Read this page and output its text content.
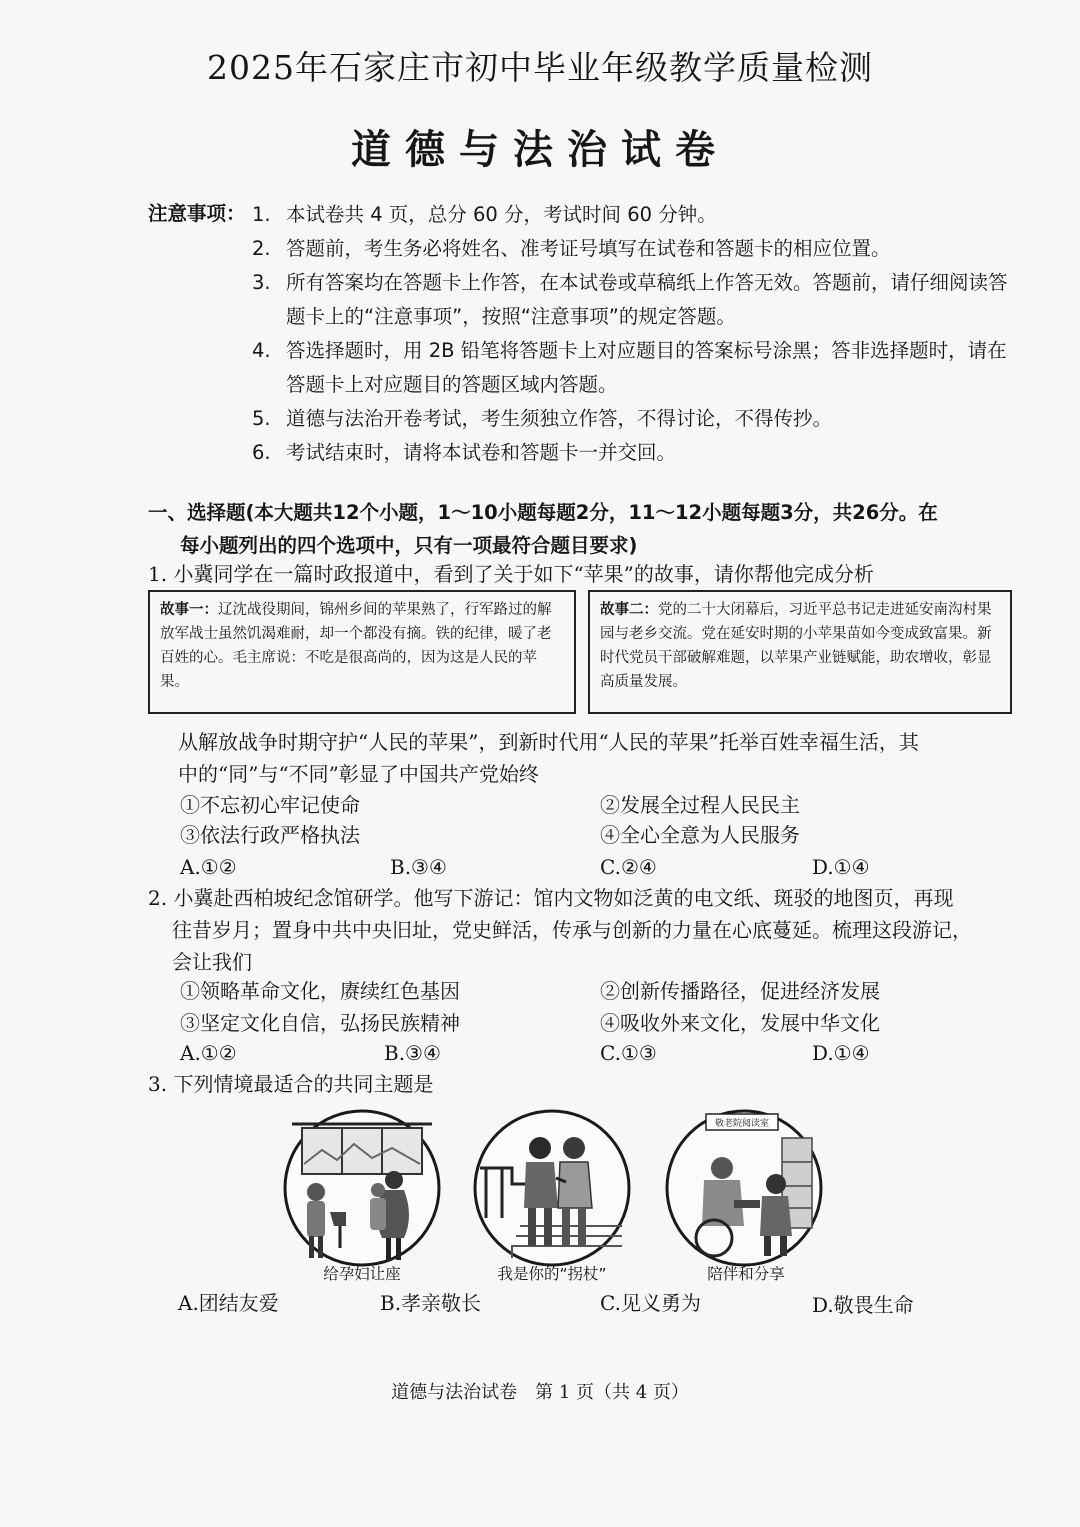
2025年石家庄市初中毕业年级教学质量检测
道德与法治试卷
注意事项： 1. 本试卷共 4 页，总分 60 分，考试时间 60 分钟。
2. 答题前，考生务必将姓名、准考证号填写在试卷和答题卡的相应位置。
3. 所有答案均在答题卡上作答，在本试卷或草稿纸上作答无效。答题前，请仔细阅读答题卡上的“注意事项”，按照“注意事项”的规定答题。
4. 答选择题时，用 2B 铅笔将答题卡上对应题目的答案标号涂黑；答非选择题时，请在答题卡上对应题目的答题区域内答题。
5. 道德与法治开卷考试，考生须独立作答，不得讨论，不得传抄。
6. 考试结束时，请将本试卷和答题卡一并交回。
一、选择题(本大题共12个小题，1～10小题每题2分，11～12小题每题3分，共26分。在
每小题列出的四个选项中，只有一项最符合题目要求)
1. 小冀同学在一篇时政报道中，看到了关于如下“苹果”的故事，请你帮他完成分析
故事一：辽沈战役期间，锦州乡间的苹果熟了，行军路过的解放军战士虽然饥渴难耐，却一个都没有摘。铁的纪律，暖了老百姓的心。毛主席说：不吃是很高尚的，因为这是人民的苹果。
故事二：党的二十大闭幕后，习近平总书记走进延安南沟村果园与老乡交流。党在延安时期的小苹果苗如今变成致富果。新时代党员干部破解难题，以苹果产业链赋能，助农增收，彰显高质量发展。
从解放战争时期守护“人民的苹果”，到新时代用“人民的苹果”托举百姓幸福生活，其
中的“同”与“不同”彰显了中国共产党始终
①不忘初心牢记使命	②发展全过程人民民主
③依法行政严格执法	④全心全意为人民服务
A.①②	B.③④	C.②④	D.①④
2. 小冀赴西柏坡纪念馆研学。他写下游记：馆内文物如泛黄的电文纸、斑驳的地图页，再现
往昔岁月；置身中共中央旧址，党史鲜活，传承与创新的力量在心底蔓延。梳理这段游记，
会让我们
①领略革命文化，赓续红色基因	②创新传播路径，促进经济发展
③坚定文化自信，弘扬民族精神	④吸收外来文化，发展中华文化
A.①②	B.③④	C.①③	D.①④
3. 下列情境最适合的共同主题是
敬老院阅读室
给孕妇让座	我是你的“拐杖”	陪伴和分享
A.团结友爱	B.孝亲敬长	C.见义勇为	D.敬畏生命
道德与法治试卷　第 1 页（共 4 页）
